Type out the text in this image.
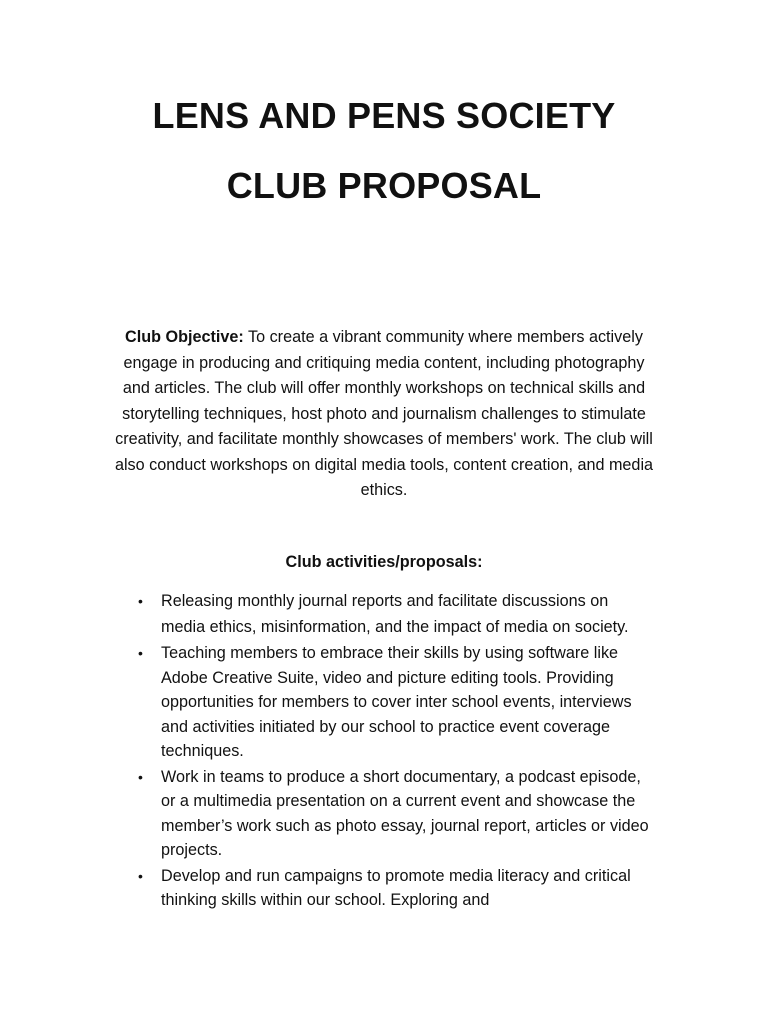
LENS AND PENS SOCIETY
CLUB PROPOSAL

Club Objective: To create a vibrant community where members actively engage in producing and critiquing media content, including photography and articles. The club will offer monthly workshops on technical skills and storytelling techniques, host photo and journalism challenges to stimulate creativity, and facilitate monthly showcases of members' work. The club will also conduct workshops on digital media tools, content creation, and media ethics.

Club activities/proposals:
• Releasing monthly journal reports and facilitate discussions on media ethics, misinformation, and the impact of media on society.
• Teaching members to embrace their skills by using software like Adobe Creative Suite, video and picture editing tools. Providing opportunities for members to cover inter school events, interviews and activities initiated by our school to practice event coverage techniques.
• Work in teams to produce a short documentary, a podcast episode, or a multimedia presentation on a current event and showcase the member’s work such as photo essay, journal report, articles or video projects.
• Develop and run campaigns to promote media literacy and critical thinking skills within our school. Exploring and
